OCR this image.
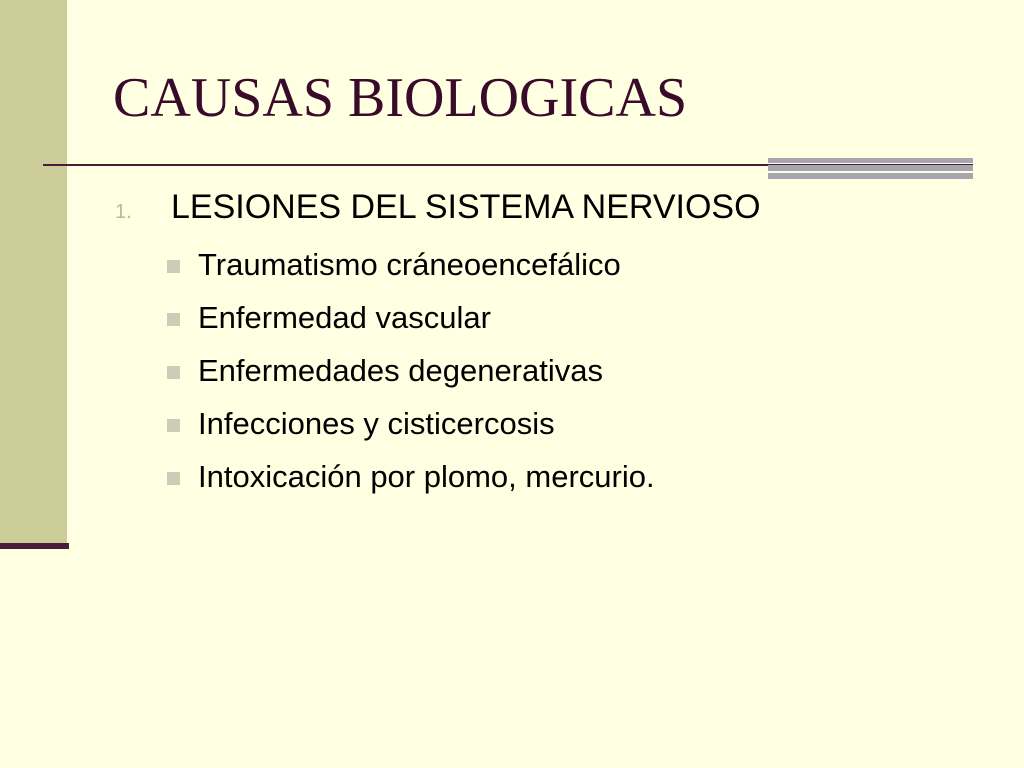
CAUSAS BIOLOGICAS
1.	LESIONES DEL SISTEMA NERVIOSO
Traumatismo cráneoencefálico
Enfermedad vascular
Enfermedades degenerativas
Infecciones y cisticercosis
Intoxicación por plomo, mercurio.
